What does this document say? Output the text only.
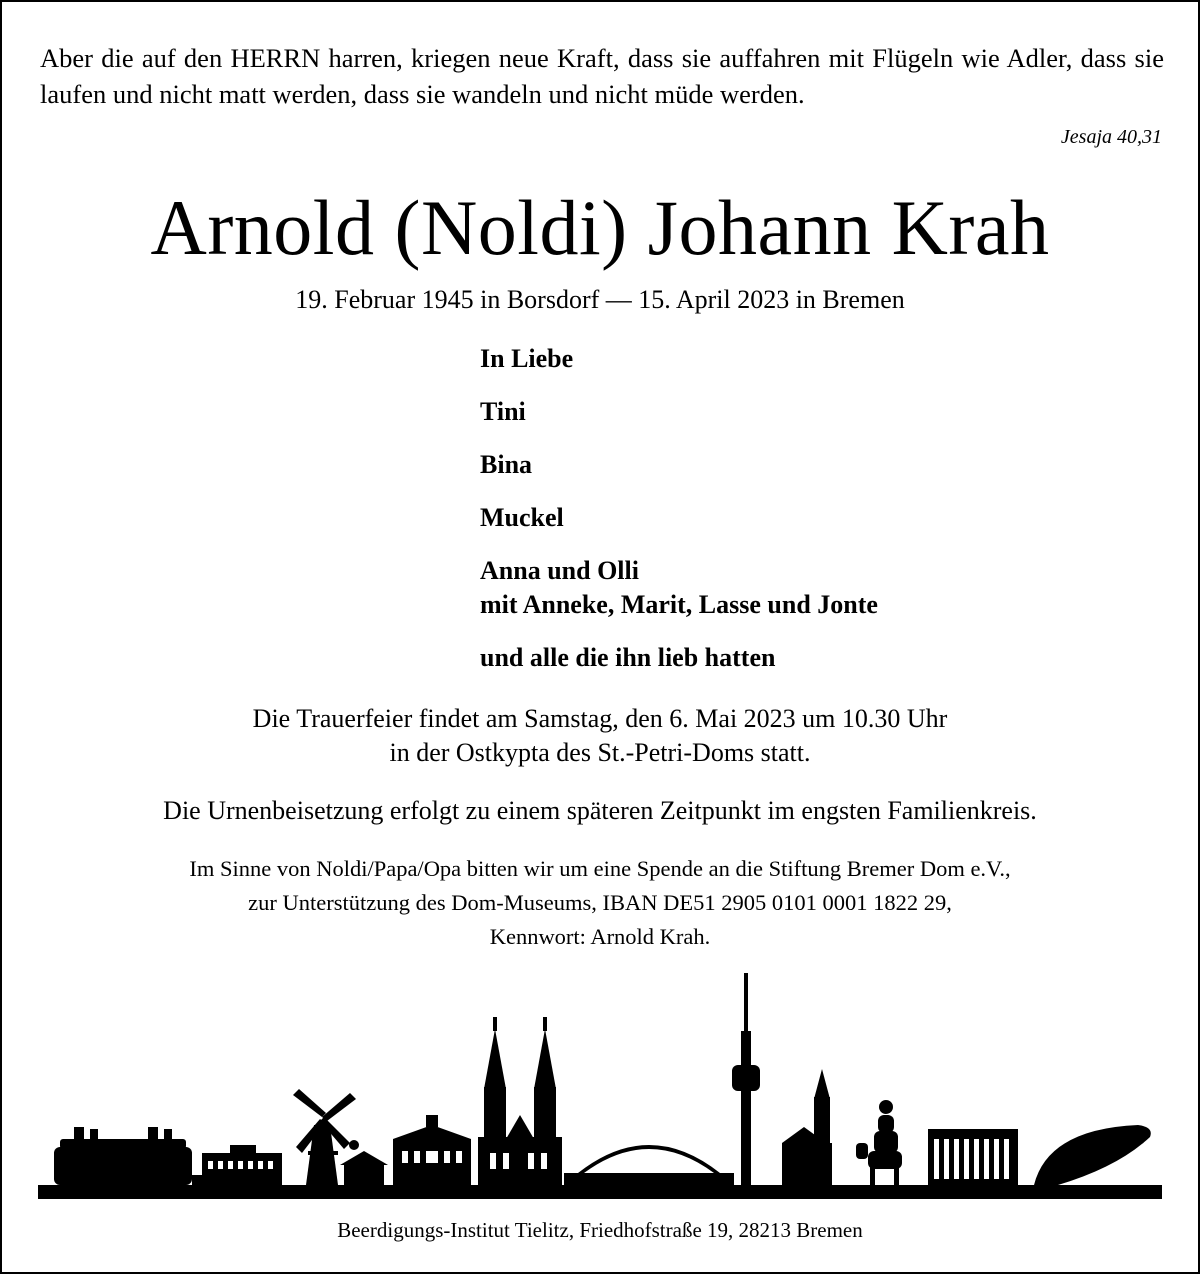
Aber die auf den HERRN harren, kriegen neue Kraft, dass sie auffahren mit Flügeln wie Adler, dass sie laufen und nicht matt werden, dass sie wandeln und nicht müde werden.
Jesaja 40,31
Arnold (Noldi) Johann Krah
19. Februar 1945 in Borsdorf — 15. April 2023 in Bremen
In Liebe
Tini
Bina
Muckel
Anna und Olli
mit Anneke, Marit, Lasse und Jonte
und alle die ihn lieb hatten
Die Trauerfeier findet am Samstag, den 6. Mai 2023 um 10.30 Uhr
in der Ostkypta des St.-Petri-Doms statt.
Die Urnenbeisetzung erfolgt zu einem späteren Zeitpunkt im engsten Familienkreis.
Im Sinne von Noldi/Papa/Opa bitten wir um eine Spende an die Stiftung Bremer Dom e.V.,
zur Unterstützung des Dom-Museums, IBAN DE51 2905 0101 0001 1822 29,
Kennwort: Arnold Krah.
Beerdigungs-Institut Tielitz, Friedhofstraße 19, 28213 Bremen
